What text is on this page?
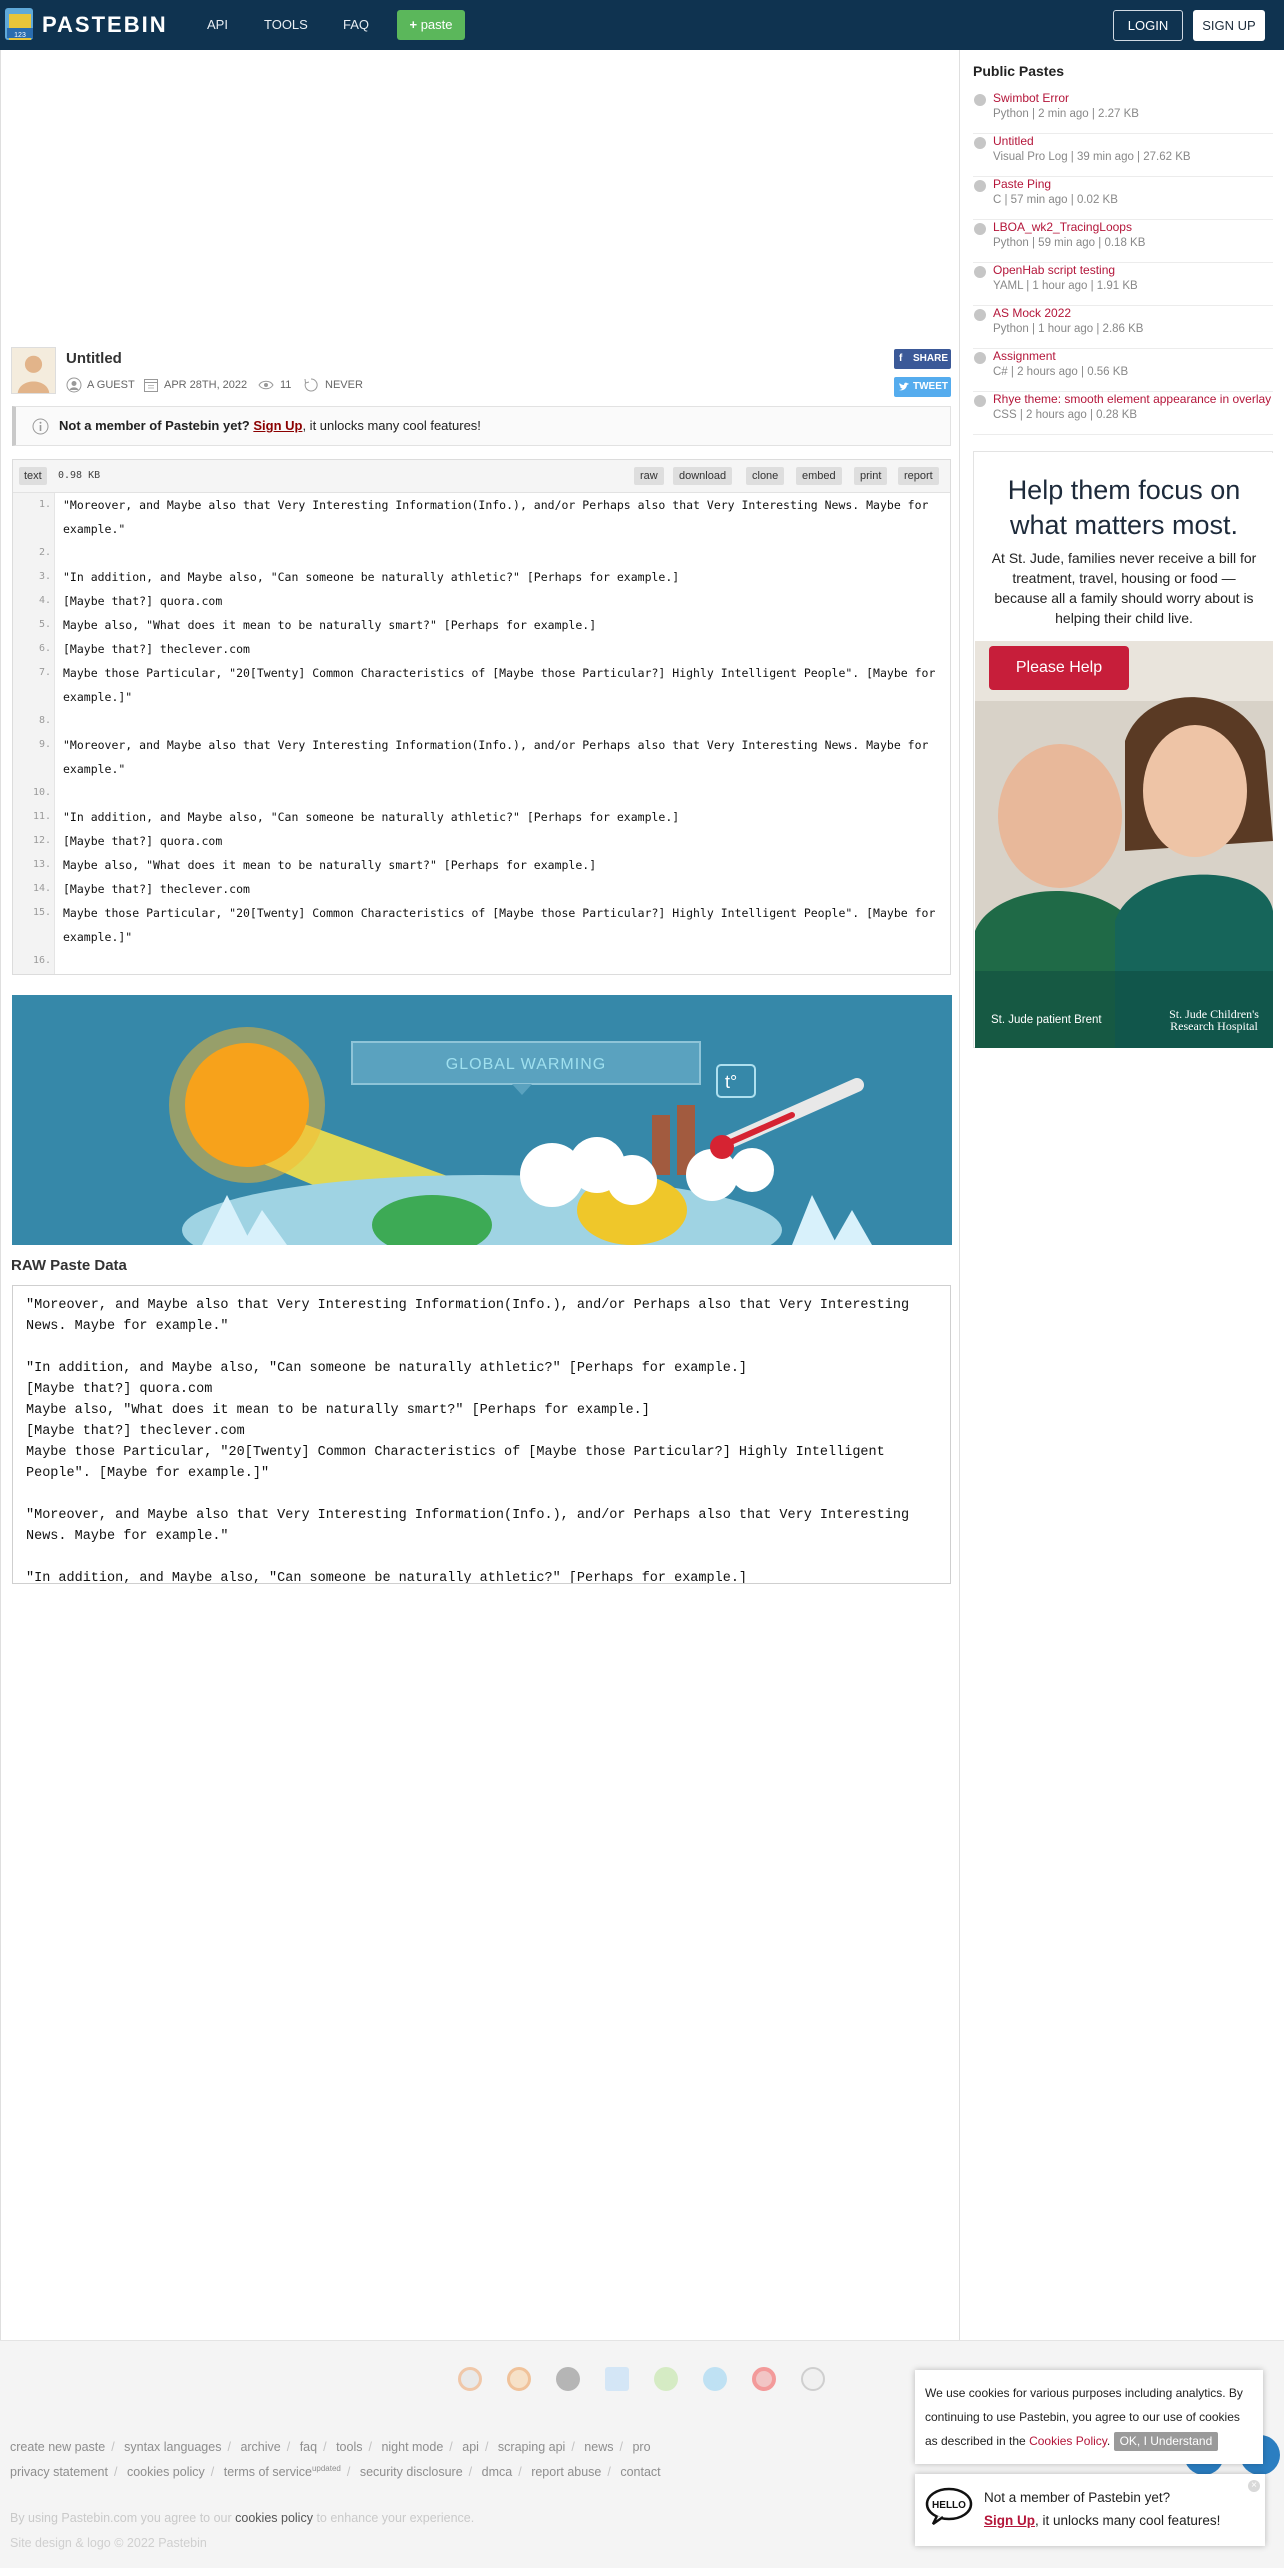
123 PASTEBIN	API	TOOLS	FAQ	+ paste	LOGIN	SIGN UP
Untitled
A GUEST	APR 28TH, 2022	11	NEVER
f SHARE
TWEET
Not a member of Pastebin yet? Sign Up, it unlocks many cool features!
text	0.98 KB	raw	download	clone	embed	print	report
1. "Moreover, and Maybe also that Very Interesting Information(Info.), and/or Perhaps also that Very Interesting News. Maybe for example."
2.
3. "In addition, and Maybe also, "Can someone be naturally athletic?" [Perhaps for example.]
4. [Maybe that?] quora.com
5. Maybe also, "What does it mean to be naturally smart?" [Perhaps for example.]
6. [Maybe that?] theclever.com
7. Maybe those Particular, "20[Twenty] Common Characteristics of [Maybe those Particular?] Highly Intelligent People". [Maybe for example.]"
8.
9. "Moreover, and Maybe also that Very Interesting Information(Info.), and/or Perhaps also that Very Interesting News. Maybe for example."
10.
11. "In addition, and Maybe also, "Can someone be naturally athletic?" [Perhaps for example.]
12. [Maybe that?] quora.com
13. Maybe also, "What does it mean to be naturally smart?" [Perhaps for example.]
14. [Maybe that?] theclever.com
15. Maybe those Particular, "20[Twenty] Common Characteristics of [Maybe those Particular?] Highly Intelligent People". [Maybe for example.]"
16.
GLOBAL WARMING
t°
RAW Paste Data
"Moreover, and Maybe also that Very Interesting Information(Info.), and/or Perhaps also that Very Interesting
News. Maybe for example."

"In addition, and Maybe also, "Can someone be naturally athletic?" [Perhaps for example.]
[Maybe that?] quora.com
Maybe also, "What does it mean to be naturally smart?" [Perhaps for example.]
[Maybe that?] theclever.com
Maybe those Particular, "20[Twenty] Common Characteristics of [Maybe those Particular?] Highly Intelligent
People". [Maybe for example.]"

"Moreover, and Maybe also that Very Interesting Information(Info.), and/or Perhaps also that Very Interesting
News. Maybe for example."

"In addition, and Maybe also, "Can someone be naturally athletic?" [Perhaps for example.]
Public Pastes
Swimbot Error
Python | 2 min ago | 2.27 KB
Untitled
Visual Pro Log | 39 min ago | 27.62 KB
Paste Ping
C | 57 min ago | 0.02 KB
LBOA_wk2_TracingLoops
Python | 59 min ago | 0.18 KB
OpenHab script testing
YAML | 1 hour ago | 1.91 KB
AS Mock 2022
Python | 1 hour ago | 2.86 KB
Assignment
C# | 2 hours ago | 0.56 KB
Rhye theme: smooth element appearance in overlay
CSS | 2 hours ago | 0.28 KB
Help them focus on what matters most.
At St. Jude, families never receive a bill for treatment, travel, housing or food — because all a family should worry about is helping their child live.
Please Help
St. Jude patient Brent	St. Jude Children's
Research Hospital
create new paste / syntax languages / archive / faq / tools / night mode / api / scraping api / news / pro
privacy statement / cookies policy / terms of service$^{updated}$ / security disclosure / dmca / report abuse / contact
By using Pastebin.com you agree to our cookies policy to enhance your experience.
Site design & logo © 2022 Pastebin
We use cookies for various purposes including analytics. By continuing to use Pastebin, you agree to our use of cookies as described in the Cookies Policy. OK, I Understand
HELLO
Not a member of Pastebin yet?
Sign Up, it unlocks many cool features!
×
